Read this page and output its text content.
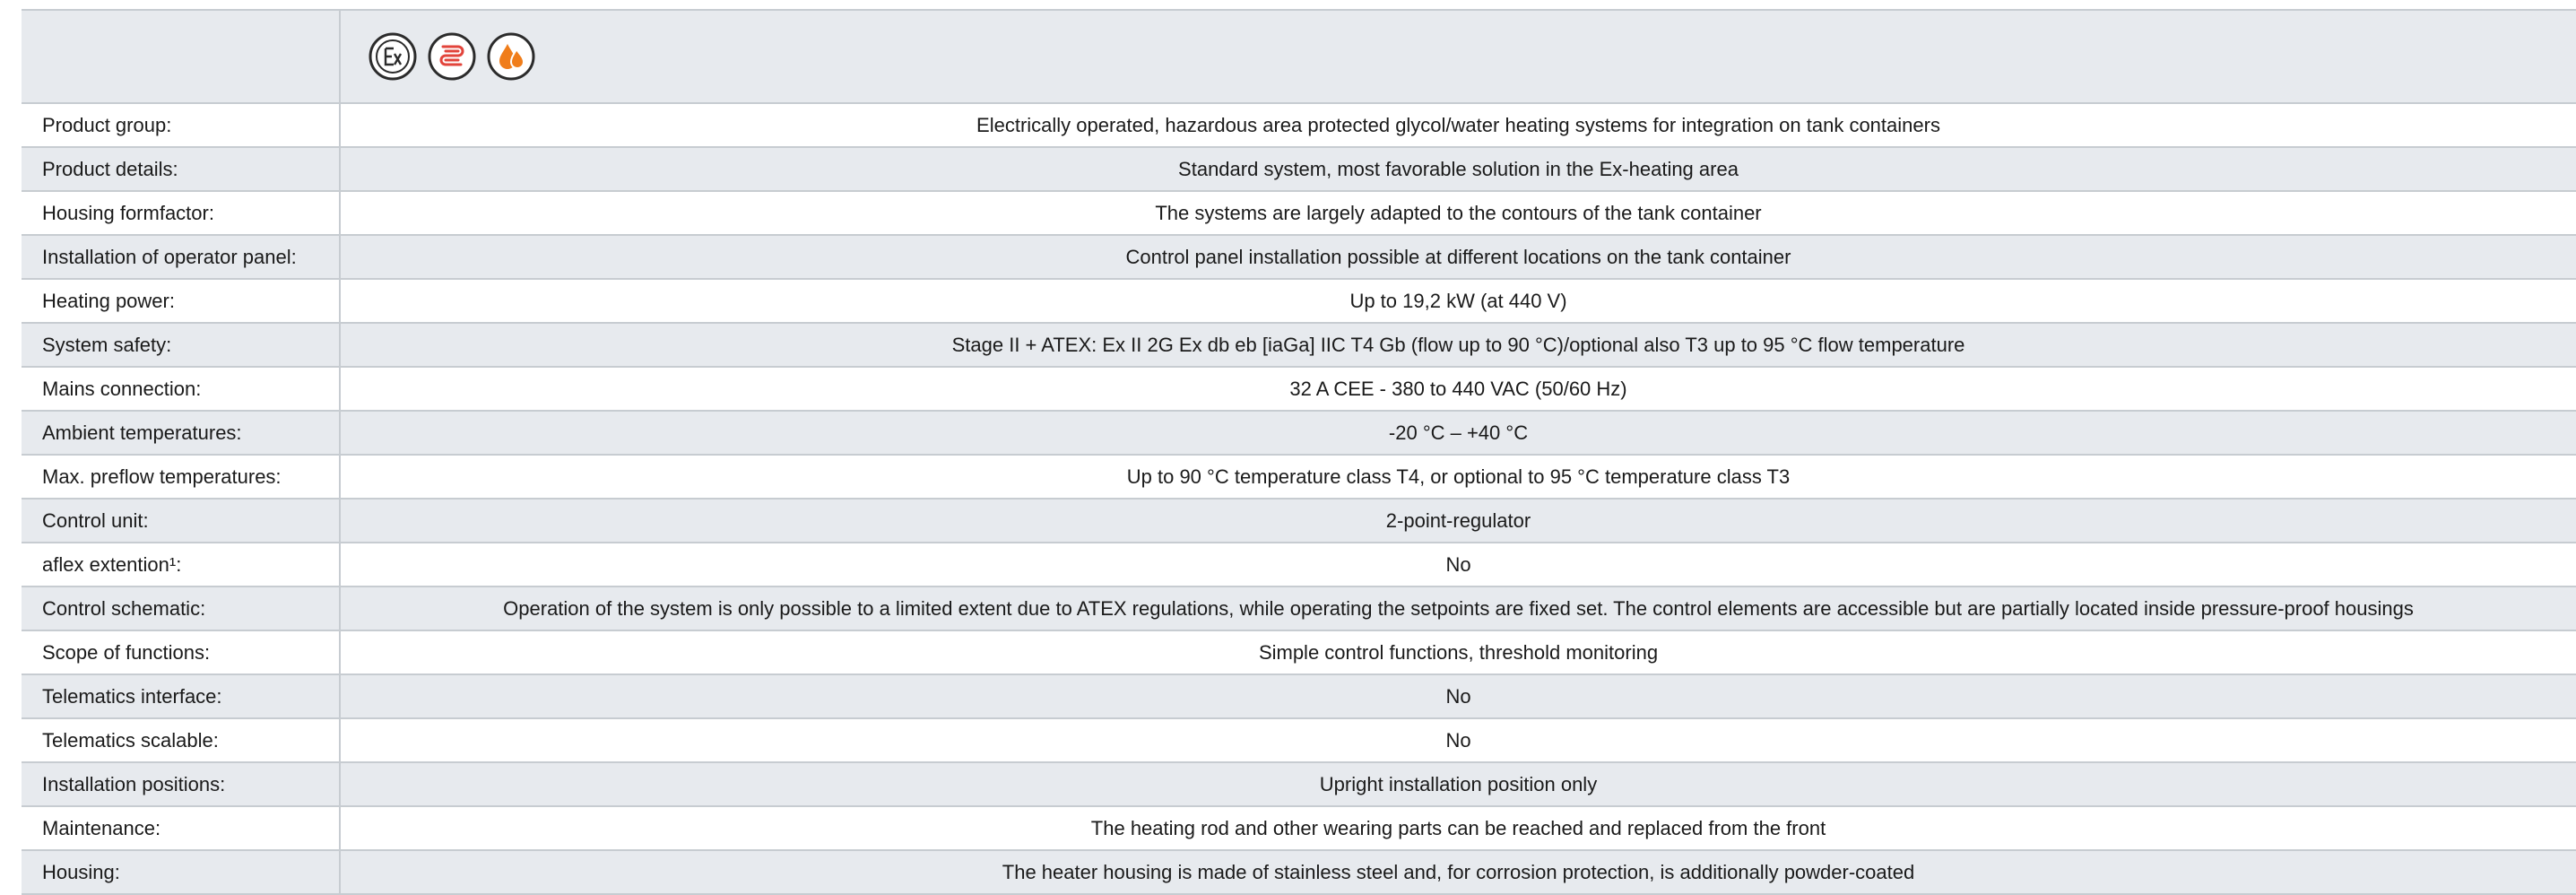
Product group:	Electrically operated, hazardous area protected glycol/water heating systems for integration on tank containers
Product details:	Standard system, most favorable solution in the Ex-heating area
Housing formfactor:	The systems are largely adapted to the contours of the tank container
Installation of operator panel:	Control panel installation possible at different locations on the tank container
Heating power:	Up to 19,2 kW (at 440 V)
System safety:	Stage II + ATEX: Ex II 2G Ex db eb [iaGa] IIC T4 Gb (flow up to 90 °C)/optional also T3 up to 95 °C flow temperature
Mains connection:	32 A CEE - 380 to 440 VAC (50/60 Hz)
Ambient temperatures:	-20 °C – +40 °C
Max. preflow temperatures:	Up to 90 °C temperature class T4, or optional to 95 °C temperature class T3
Control unit:	2-point-regulator
aflex extention¹:	No
Control schematic:	Operation of the system is only possible to a limited extent due to ATEX regulations, while operating the setpoints are fixed set. The control elements are accessible but are partially located inside pressure-proof housings
Scope of functions:	Simple control functions, threshold monitoring
Telematics interface:	No
Telematics scalable:	No
Installation positions:	Upright installation position only
Maintenance:	The heating rod and other wearing parts can be reached and replaced from the front
Housing:	The heater housing is made of stainless steel and, for corrosion protection, is additionally powder-coated
